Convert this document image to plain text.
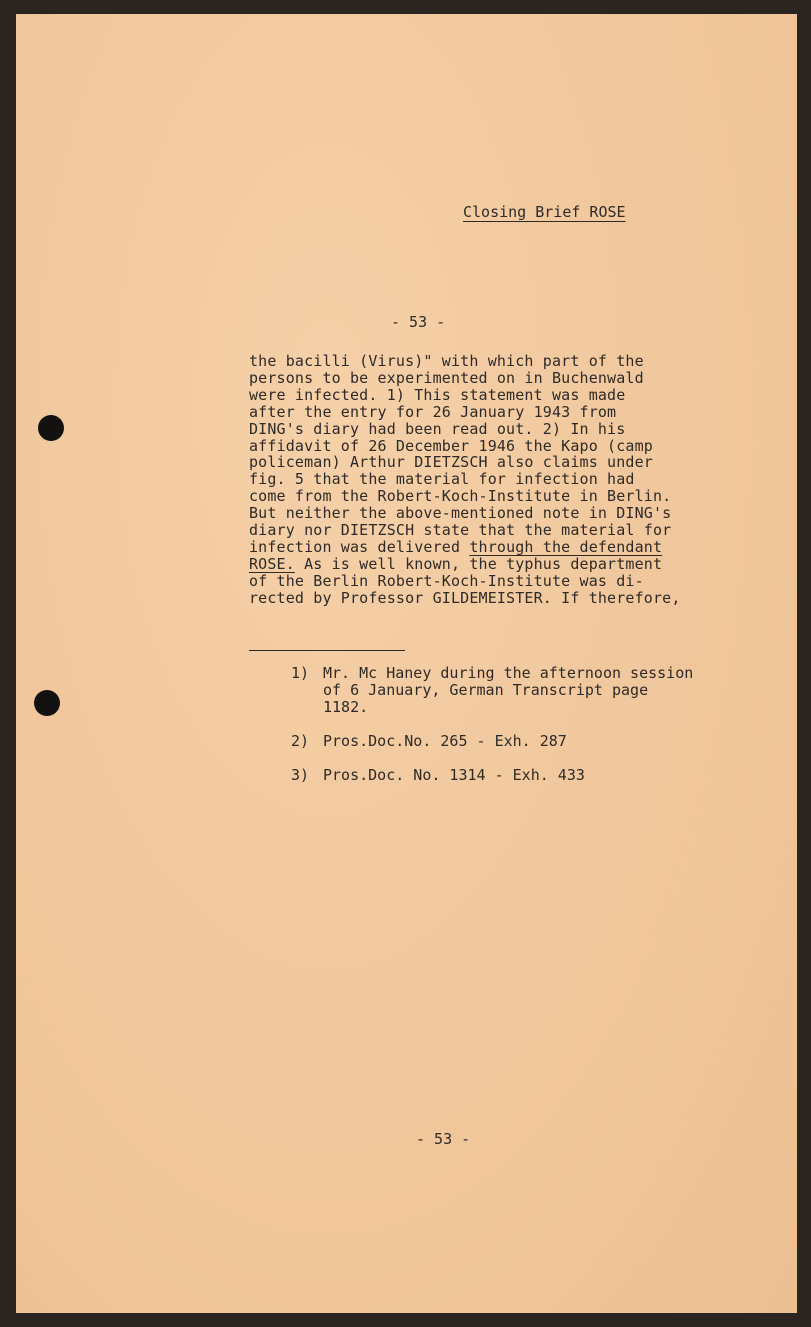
Closing Brief ROSE
- 53 -
the bacilli (Virus)" with which part of the
persons to be experimented on in Buchenwald
were infected. 1) This statement was made
after the entry for 26 January 1943 from
DING's diary had been read out. 2) In his
affidavit of 26 December 1946 the Kapo (camp
policeman) Arthur DIETZSCH also claims under
fig. 5 that the material for infection had
come from the Robert-Koch-Institute in Berlin.
But neither the above-mentioned note in DING's
diary nor DIETZSCH state that the material for
infection was delivered through the defendant
ROSE. As is well known, the typhus department
of the Berlin Robert-Koch-Institute was di-
rected by Professor GILDEMEISTER. If therefore,
1) Mr. Mc Haney during the afternoon session
of 6 January, German Transcript page
1182.
2) Pros.Doc.No. 265 - Exh. 287
3) Pros.Doc. No. 1314 - Exh. 433
- 53 -
